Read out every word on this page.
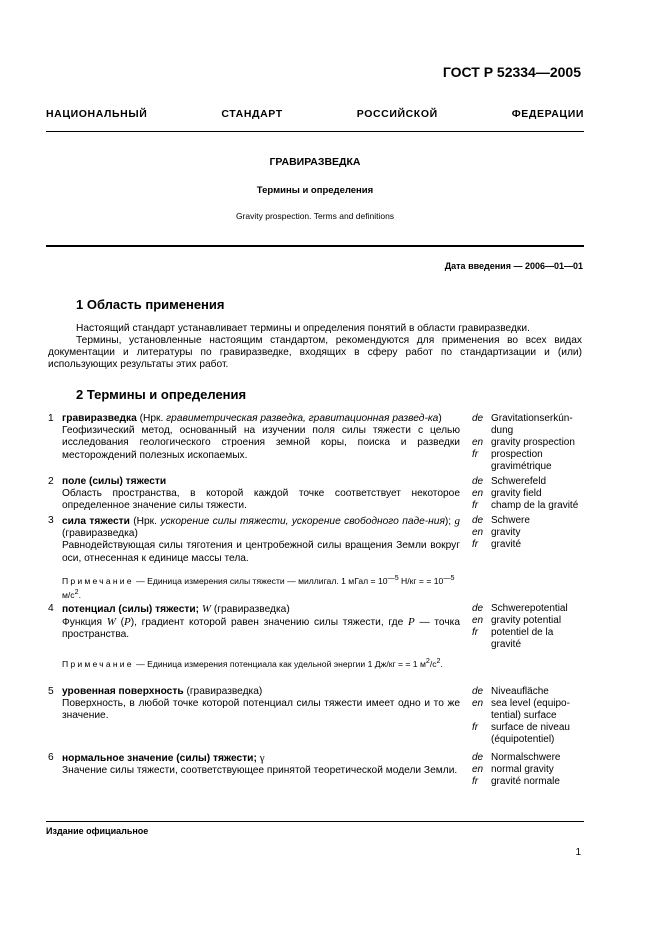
ГОСТ Р 52334—2005
НАЦИОНАЛЬНЫЙ СТАНДАРТ РОССИЙСКОЙ ФЕДЕРАЦИИ
ГРАВИРАЗВЕДКА
Термины и определения
Gravity prospection. Terms and definitions
Дата введения — 2006—01—01
1 Область применения
Настоящий стандарт устанавливает термины и определения понятий в области гравиразведки.
Термины, установленные настоящим стандартом, рекомендуются для применения во всех видах документации и литературы по гравиразведке, входящих в сферу работ по стандартизации и (или) использующих результаты этих работ.
2 Термины и определения
1 гравиразведка (Нрк. гравиметрическая разведка, гравитационная развед-ка)
Геофизический метод, основанный на изучении поля силы тяжести с целью исследования геологического строения земной коры, поиска и разведки месторождений полезных ископаемых.
de Gravitationserkún-dung
en gravity prospection
fr	prospection gravimétrique
2 поле (силы) тяжести
Область пространства, в которой каждой точке соответствует некоторое определенное значение силы тяжести.
de Schwerefeld
en gravity field
fr	champ de la gravité
3 сила тяжести (Нрк. ускорение силы тяжести, ускорение свободного паде-ния); g (гравиразведка)
Равнодействующая силы тяготения и центробежной силы вращения Земли вокруг оси, отнесенная к единице массы тела.
Примечание — Единица измерения силы тяжести — миллигал. 1 мГал = $10^{—5}$ Н/кг = = $10^{—5}$ $м/с^2$.
de Schwere
en gravity
fr	gravité
4 потенциал (силы) тяжести; W (гравиразведка)
Функция W (P), градиент которой равен значению силы тяжести, где P — точка пространства.
Примечание — Единица измерения потенциала как удельной энергии 1 Дж/кг = = 1 $м^2/с^2$.
de Schwerepotential
en gravity potential
fr	potentiel de la gravité
5 уровенная поверхность (гравиразведка)
Поверхность, в любой точке которой потенциал силы тяжести имеет одно и то же значение.
de Niveaufläche
en sea level (equipo-tential) surface
fr	surface de niveau (équipotentiel)
6 нормальное значение (силы) тяжести; γ
Значение силы тяжести, соответствующее принятой теоретической модели Земли.
de Normalschwere
en normal gravity
fr	gravité normale
Издание официальное
1
